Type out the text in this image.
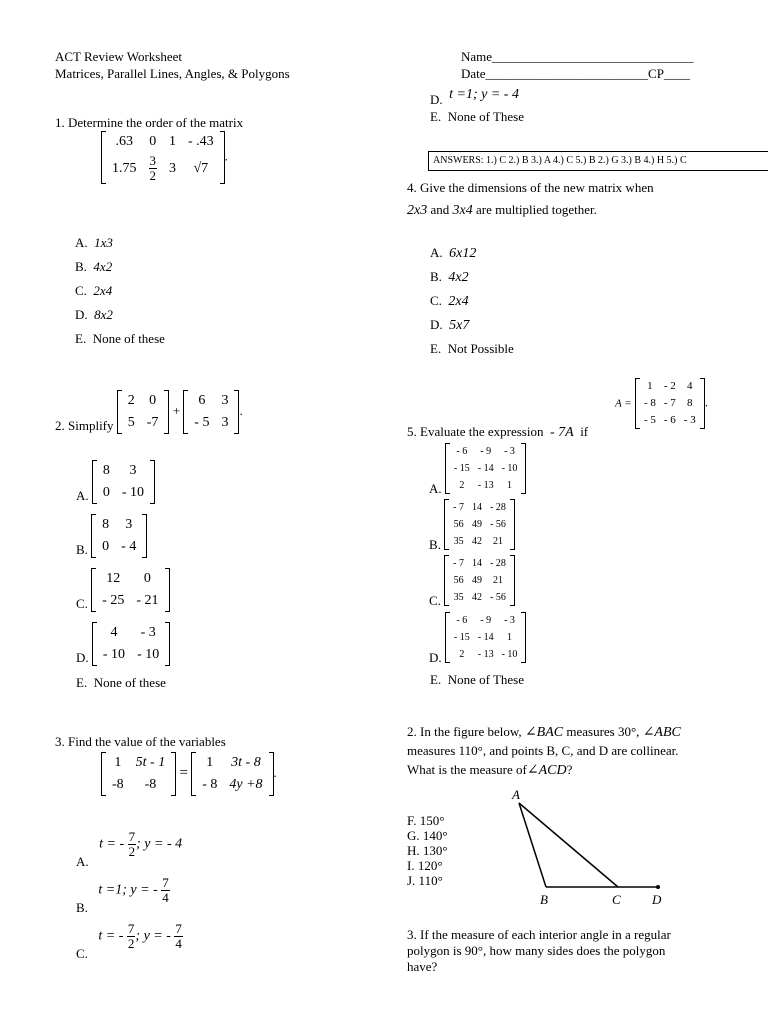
ACT Review Worksheet
Matrices, Parallel Lines, Angles, & Polygons
Name_______________________________
Date_________________________CP____
1. Determine the order of the matrix
.63	0	1	- .43
1.75	$\frac{3}{2}$	3	√7
.
A. 1x3
B. 4x2
C. 2x4
D. 8x2
E. None of these
2. Simplify
2	0
5	-7
+
6	3
- 5	3
.
A.
8	3
0	- 10
B.
8	3
0	- 4
C.
12	0
- 25	- 21
D.
4	- 3
- 10	- 10
E. None of these
3. Find the value of the variables
1	5t - 1
-8	-8
=
1	3t - 8
- 8	4y +8
.
A.   t = - $\frac{7}{2}$ ; y = - 4
B.   t =1; y = - $\frac{7}{4}$
C.   t = - $\frac{7}{2}$ ; y = - $\frac{7}{4}$
D. t =1; y = - 4
E. None of These
ANSWERS: 1.) C 2.) B 3.) A 4.) C 5.) B 2.) G 3.) B 4.) H 5.) C
4. Give the dimensions of the new matrix when
2x3 and 3x4 are multiplied together.
A. 6x12
B. 4x2
C. 2x4
D. 5x7
E. Not Possible
A =
1	- 2	4
- 8	- 7	8
- 5	- 6	- 3
.
5. Evaluate the expression - 7A if
A.
- 6	- 9	- 3
- 15	- 14	- 10
2	- 13	1
B.
- 7	14	- 28
56	49	- 56
35	42	21
C.
- 7	14	- 28
56	49	21
35	42	- 56
D.
- 6	- 9	- 3
- 15	- 14	1
2	- 13	- 10
E. None of These
2. In the figure below, ∠BAC measures 30°, ∠ABC
measures 110°, and points B, C, and D are collinear.
What is the measure of∠ACD?
F. 150°
G. 140°
H. 130°
I. 120°
J. 110°
A
B	C D
3. If the measure of each interior angle in a regular
polygon is 90°, how many sides does the polygon
have?
